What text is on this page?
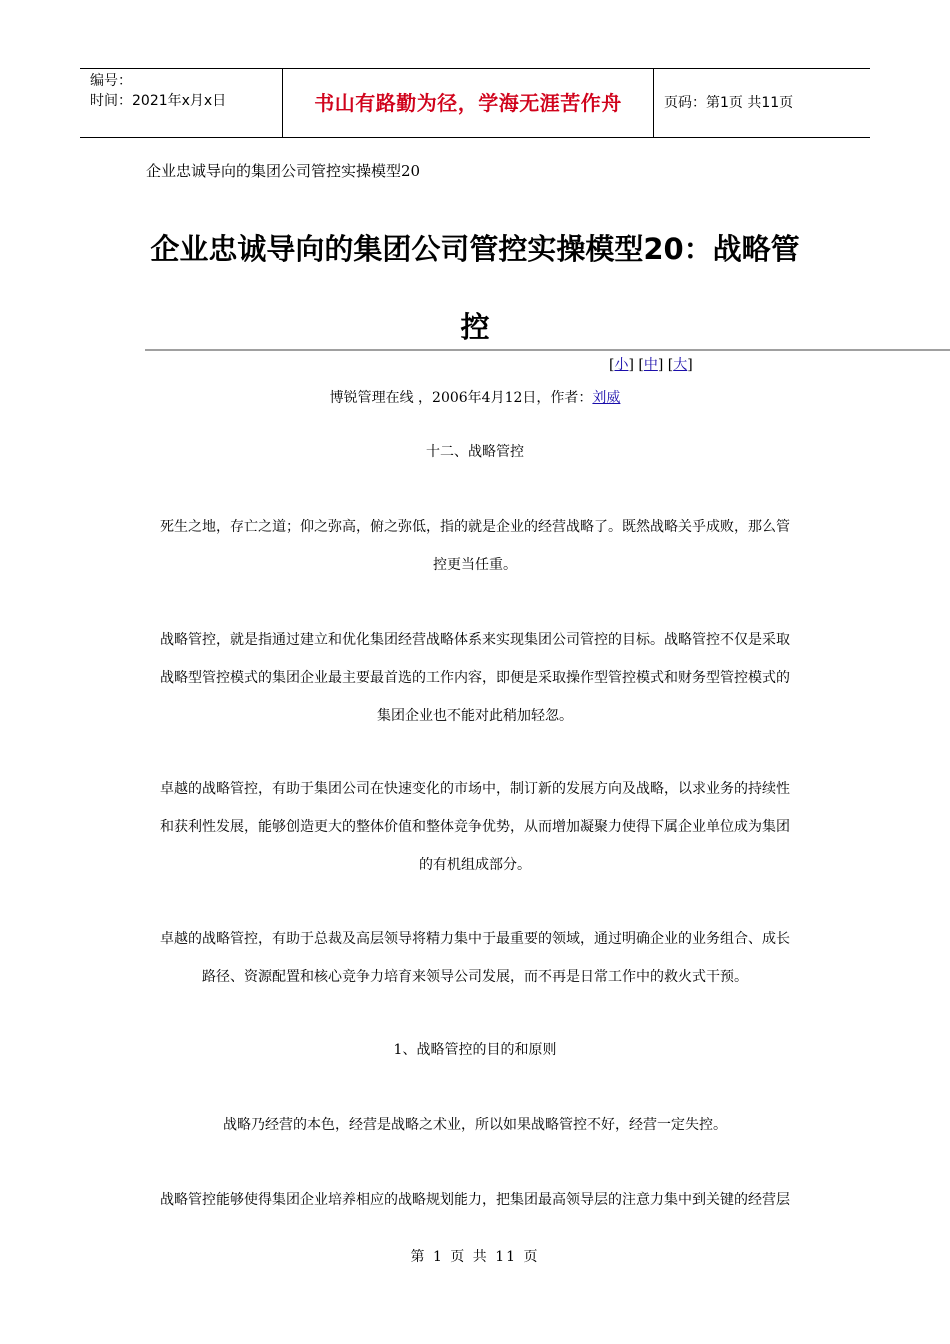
编号：
时间：2021年x月x日	书山有路勤为径，学海无涯苦作舟	页码：第1页 共11页
企业忠诚导向的集团公司管控实操模型20
企业忠诚导向的集团公司管控实操模型20：战略管
控
[小] [中] [大]
博锐管理在线 ，2006年4月12日，作者：刘威
十二、战略管控
死生之地，存亡之道；仰之弥高，俯之弥低，指的就是企业的经营战略了。既然战略关乎成败，那么管
控更当任重。
战略管控，就是指通过建立和优化集团经营战略体系来实现集团公司管控的目标。战略管控不仅是采取
战略型管控模式的集团企业最主要最首选的工作内容，即便是采取操作型管控模式和财务型管控模式的
集团企业也不能对此稍加轻忽。
卓越的战略管控，有助于集团公司在快速变化的市场中，制订新的发展方向及战略，以求业务的持续性
和获利性发展，能够创造更大的整体价值和整体竞争优势，从而增加凝聚力使得下属企业单位成为集团
的有机组成部分。
卓越的战略管控，有助于总裁及高层领导将精力集中于最重要的领域，通过明确企业的业务组合、成长
路径、资源配置和核心竞争力培育来领导公司发展，而不再是日常工作中的救火式干预。
1、战略管控的目的和原则
战略乃经营的本色，经营是战略之术业，所以如果战略管控不好，经营一定失控。
战略管控能够使得集团企业培养相应的战略规划能力，把集团最高领导层的注意力集中到关键的经营层
第 1 页 共 11 页
